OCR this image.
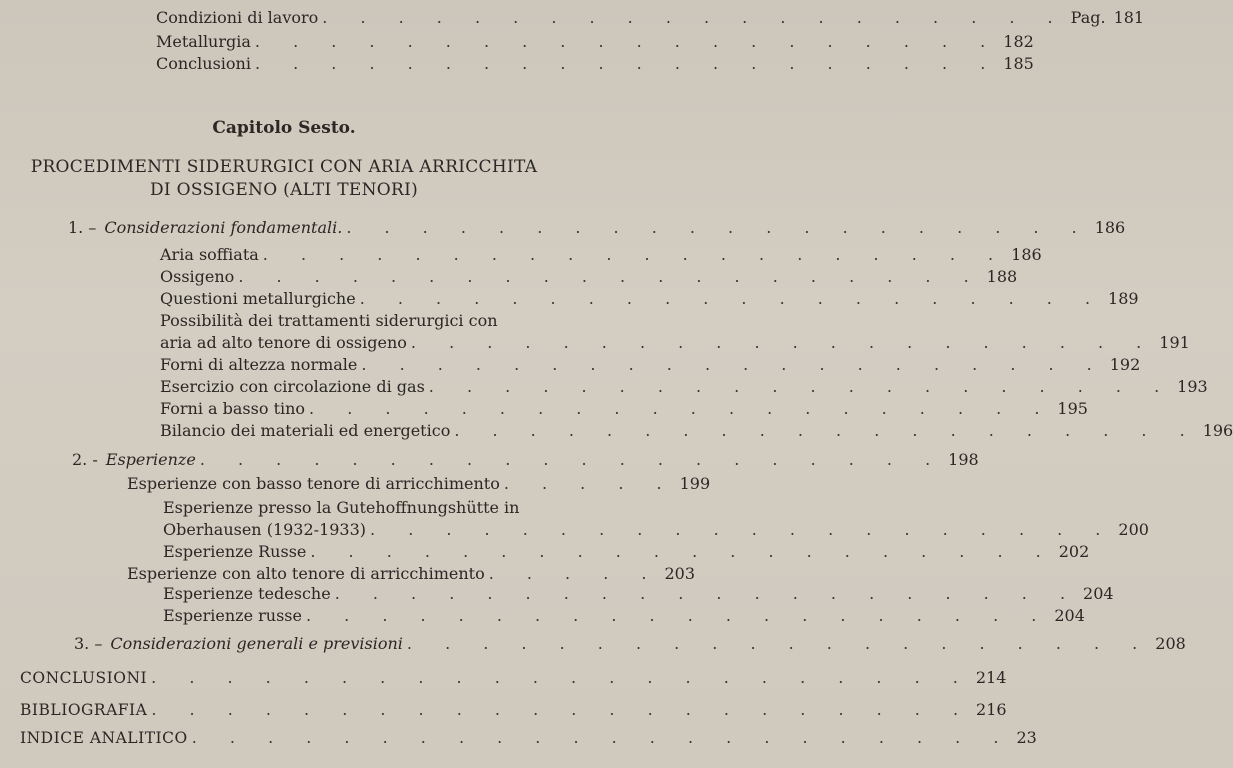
Condizioni di lavoro . . . . . . . . . . . . . . . . . . . . Pag. 181
Metallurgia . . . . . . . . . . . . . . . . . . . . 182
Conclusioni . . . . . . . . . . . . . . . . . . . . 185
Capitolo Sesto.
PROCEDIMENTI SIDERURGICI CON ARIA ARRICCHITA
DI OSSIGENO (ALTI TENORI)
1. – Considerazioni fondamentali. . . . . . . . . . . . . . . . . . . . . 186
Aria soffiata . . . . . . . . . . . . . . . . . . . . 186
Ossigeno . . . . . . . . . . . . . . . . . . . . 188
Questioni metallurgiche . . . . . . . . . . . . . . . . . . . . 189
Possibilità dei trattamenti siderurgici con
aria ad alto tenore di ossigeno . . . . . . . . . . . . . . . . . . . . 191
Forni di altezza normale . . . . . . . . . . . . . . . . . . . . 192
Esercizio con circolazione di gas . . . . . . . . . . . . . . . . . . . . 193
Forni a basso tino . . . . . . . . . . . . . . . . . . . . 195
Bilancio dei materiali ed energetico . . . . . . . . . . . . . . . . . . . . 196
2. - Esperienze . . . . . . . . . . . . . . . . . . . . 198
Esperienze con basso tenore di arricchimento . . . . . 199
Esperienze presso la Gutehoffnungshütte in
Oberhausen (1932-1933) . . . . . . . . . . . . . . . . . . . . 200
Esperienze Russe . . . . . . . . . . . . . . . . . . . . 202
Esperienze con alto tenore di arricchimento . . . . . 203
Esperienze tedesche . . . . . . . . . . . . . . . . . . . . 204
Esperienze russe . . . . . . . . . . . . . . . . . . . . 204
3. – Considerazioni generali e previsioni . . . . . . . . . . . . . . . . . . . . 208
CONCLUSIONI . . . . . . . . . . . . . . . . . . . . . . 214
BIBLIOGRAFIA . . . . . . . . . . . . . . . . . . . . . . 216
INDICE ANALITICO . . . . . . . . . . . . . . . . . . . . . . 23
